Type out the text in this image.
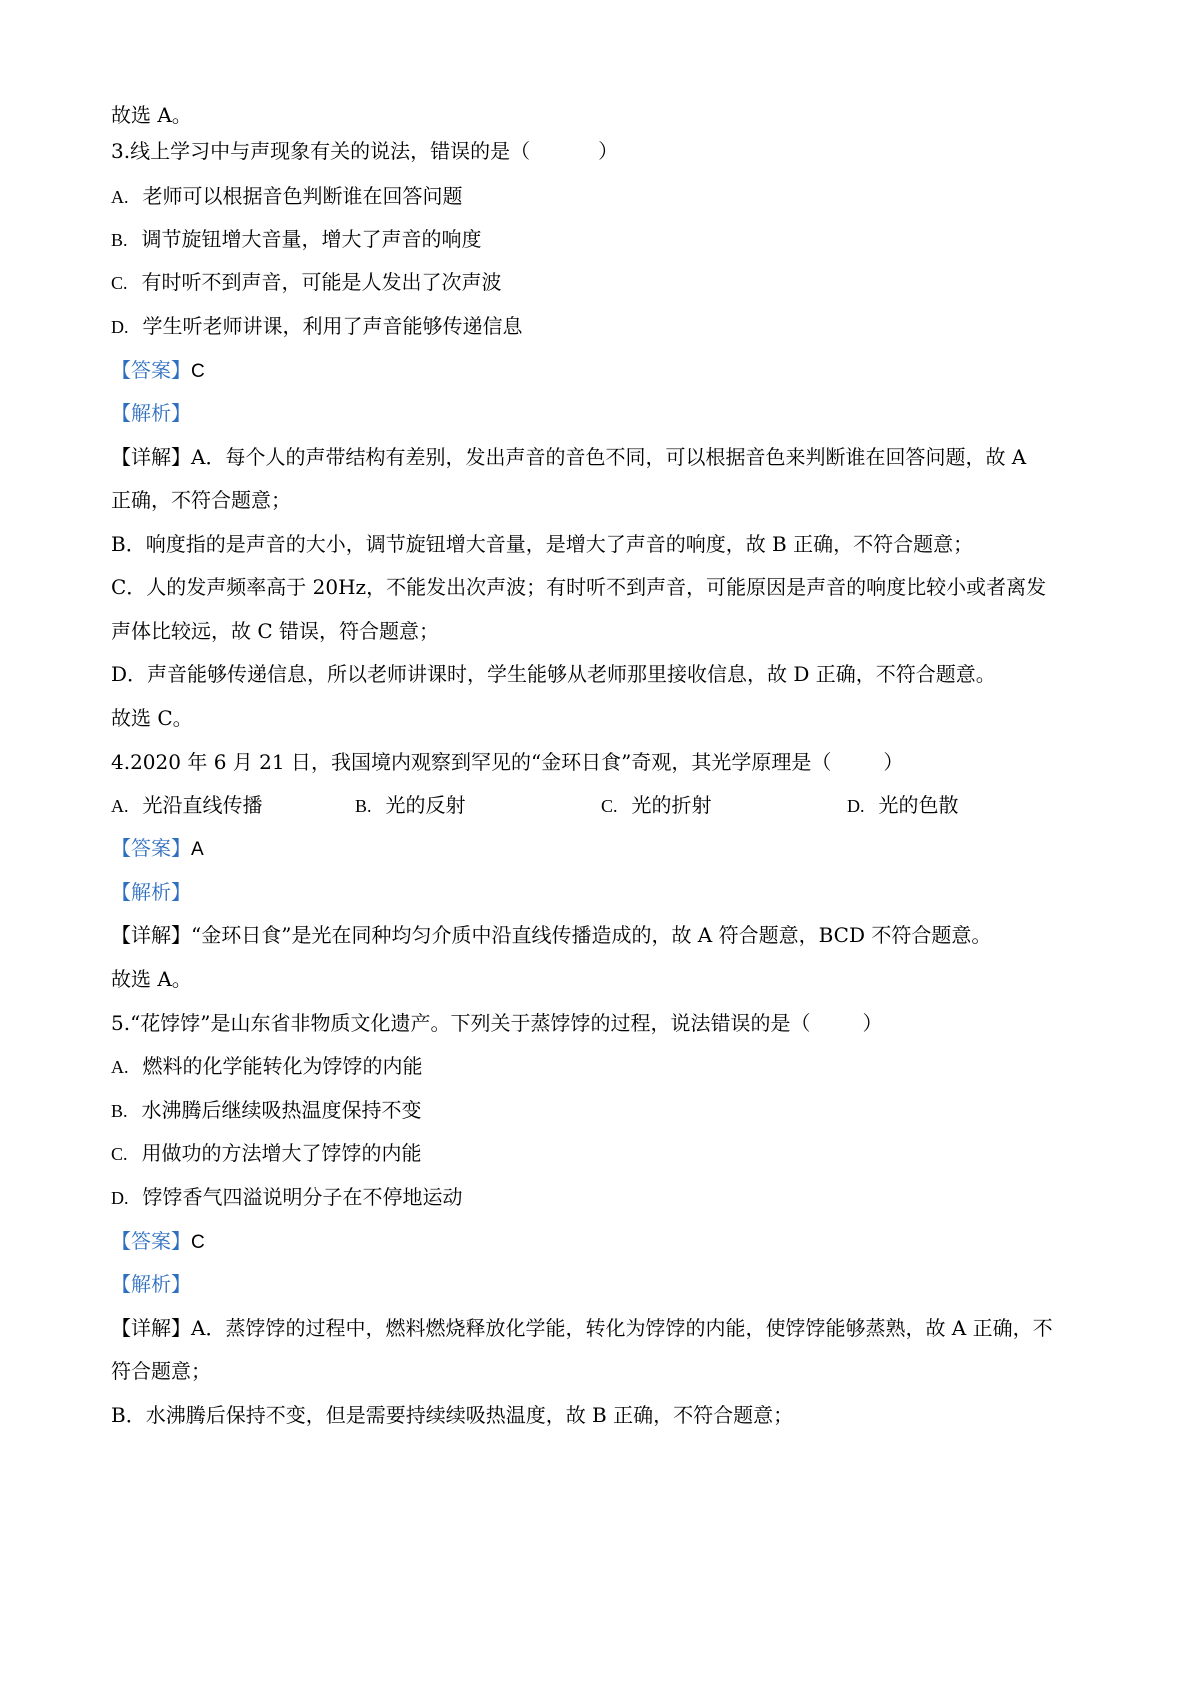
故选 A。
3.线上学习中与声现象有关的说法，错误的是（	）
A. 老师可以根据音色判断谁在回答问题
B. 调节旋钮增大音量，增大了声音的响度
C. 有时听不到声音，可能是人发出了次声波
D. 学生听老师讲课，利用了声音能够传递信息
【答案】C
【解析】
【详解】A．每个人的声带结构有差别，发出声音的音色不同，可以根据音色来判断谁在回答问题，故 A
正确，不符合题意；
B．响度指的是声音的大小，调节旋钮增大音量，是增大了声音的响度，故 B 正确，不符合题意；
C．人的发声频率高于 20Hz，不能发出次声波；有时听不到声音，可能原因是声音的响度比较小或者离发
声体比较远，故 C 错误，符合题意；
D．声音能够传递信息，所以老师讲课时，学生能够从老师那里接收信息，故 D 正确，不符合题意。
故选 C。
4.2020 年 6 月 21 日，我国境内观察到罕见的“金环日食”奇观，其光学原理是（	）
A. 光沿直线传播	B. 光的反射	C. 光的折射	D. 光的色散
【答案】A
【解析】
【详解】“金环日食”是光在同种均匀介质中沿直线传播造成的，故 A 符合题意，BCD 不符合题意。
故选 A。
5.“花饽饽”是山东省非物质文化遗产。下列关于蒸饽饽的过程，说法错误的是（	）
A. 燃料的化学能转化为饽饽的内能
B. 水沸腾后继续吸热温度保持不变
C. 用做功的方法增大了饽饽的内能
D. 饽饽香气四溢说明分子在不停地运动
【答案】C
【解析】
【详解】A．蒸饽饽的过程中，燃料燃烧释放化学能，转化为饽饽的内能，使饽饽能够蒸熟，故 A 正确，不
符合题意；
B．水沸腾后保持不变，但是需要持续续吸热温度，故 B 正确，不符合题意；
